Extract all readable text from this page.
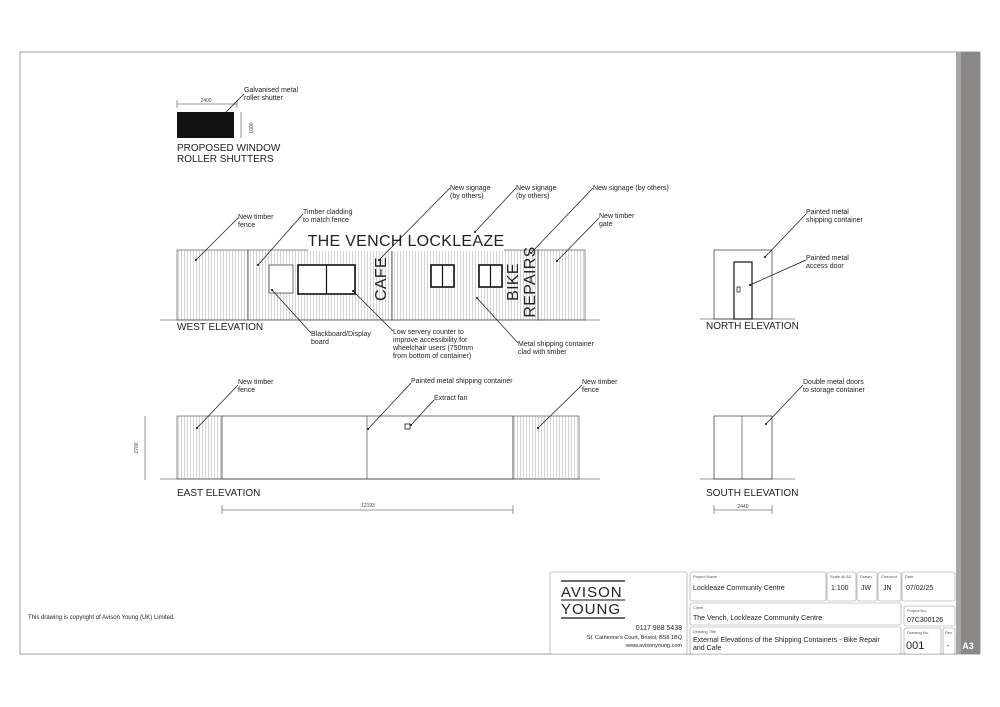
2400
1000
Galvanised metal
roller shutter
PROPOSED WINDOW
ROLLER SHUTTERS
THE VENCH LOCKLEAZE
CAFE	BIKE REPAIRS
WEST ELEVATION
New timber
fence
Timber cladding
to match fence
New signage
(by others)
New signage
(by others)
New signage (by others)
New timber
gate
Blackboard/Display
board
Low servery counter to
improve accessibility for
wheelchair users (750mm
from bottom of container)
Metal shipping container
clad with timber
NORTH ELEVATION
Painted metal
shipping container
Painted metal
access door
2700
EAST ELEVATION
12193
New timber
fence
Painted metal shipping container
Extract fan
New timber
fence
SOUTH ELEVATION
2440
Double metal doors
to storage container
This drawing is copyright of Avison Young (UK) Limited.
AVISON
YOUNG
0117 988 5438
St. Catherine's Court, Bristol, BS8 1BQ
www.avisonyoung.com
Project Name
Lockleaze Community Centre
Scale @ A3
1:100
Drawn
JW
Checked
JN
Date
07/02/25
Client
The Vench, Lockleaze Community Centre
Project No.
07C300126
Drawing Title
External Elevations of the Shipping Containers - Bike Repair
and Cafe
Drawing No.
001
Rev.
- A3
